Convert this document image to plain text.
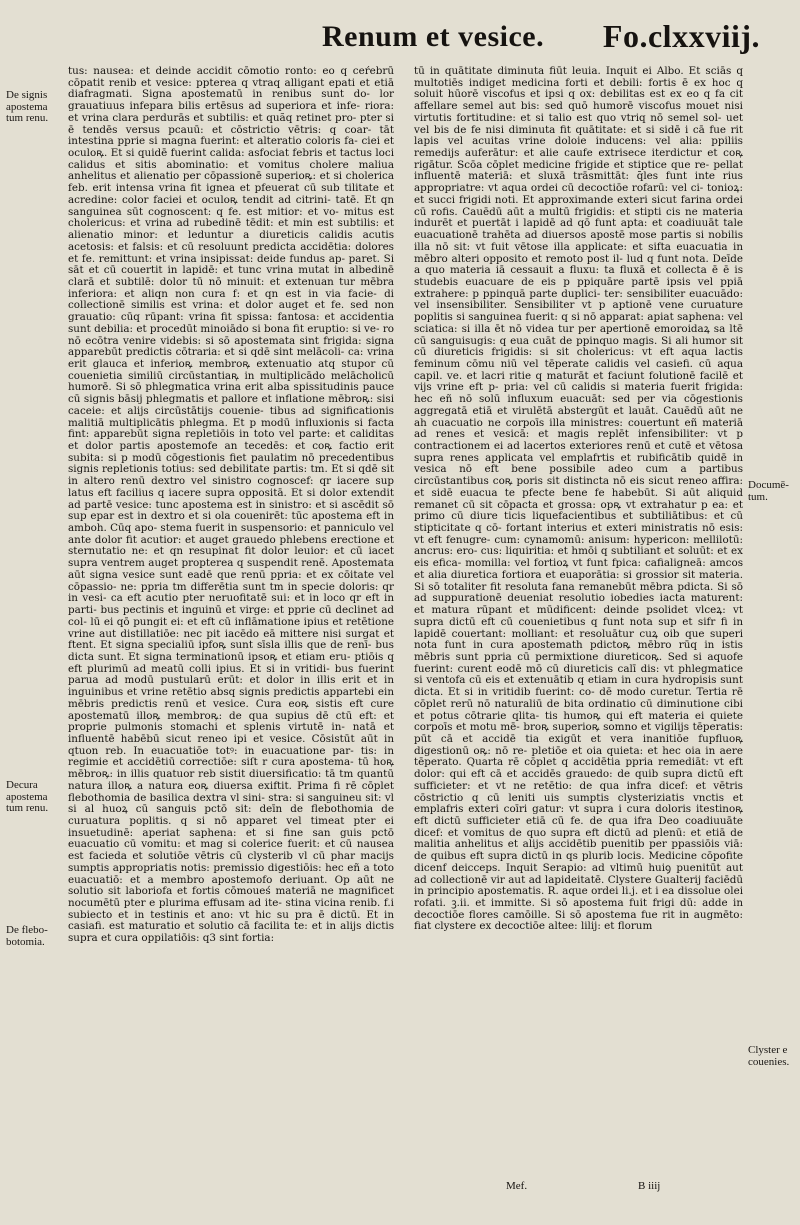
Renum et vesice. Fo.clxxviij.
De signis apostema tum renu.
Decura apostema tum renu.
De flebo- botomia.
Documē- tum.
Clyster e couenies.

tus: nausea: et deinde accidit cōmotio ronto: eo q ceŕebrū cōpatit renib et vesice: ppterea q vtraq alligant epati et etiā diafragmati. Signa apostematū in renibus sunt do- lor grauatiuus infepara bilis ertēsus ad superiora et infe- riora: et vrina clara perdurās et subtilis: et quãq retinet pro- pter si ē tendēs versus pcauū: et cōstrictio vētris: q coar- tāt intestina pprie si magna fuerint: et alteratio coloris fa- ciei et oculoꝶ. Et si quidē fuerint calida: asfociat febris et tactus loci calidus et sitis abominatio: et vomitus cholere maliua anhelitus et alienatio per cōpassionē superioꝶ: et si cholerica feb. erit intensa vrina fit ignea et pfeuerat cū sub tilitate et acredine: color faciei et oculoꝶ tendit ad citrini- tatē. Et qn sanguinea sūt cognoscent: q fe. est mitior: et vo- mitus est cholericus: et vrina ad rubedinē tēdit: et min est subtilis: et alienatio minor: et leduntur a diureticis calidis acutis acetosis: et falsis: et cū resoluunt predicta accidētia: dolores et fe. remittunt: et vrina insipissat: deide fundus ap- paret. Si sāt et cū couertit in lapidē: et tunc vrina mutat in albedinē clarā et subtilē: dolor tū nō minuit: et extenuan tur mēbra inferiora: et aliqn non cura f: et qn est in via facie- di collectionē similis est vrina: et dolor auget et fe. sed non grauatio: cūq rūpant: vrina fit spissa: fantosa: et accidentia sunt debilia: et procedūt minoiādo si bona fit eruptio: si ve- ro nō ecōtra venire videbis: si sō apostemata sint frigida: signa apparebūt predictis cōtraria: et si qdē sint melācoli- ca: vrina erit glauca et inferioꝶ membroꝶ extenuatio atq stupor cū couenietia similiū circūstantiaꝶ in multiplicādo melācholicū humorē. Si sō phlegmatica vrina erit alba spissitudinis pauce cū signis bāsij phlegmatis et pallore et inflatione mēbroꝶ: sisi caceie: et alijs circūstātijs couenie- tibus ad significationis malitiā multiplicātis phlegma. Et p modū influxionis si facta fint: apparebūt signa repletiōis in toto vel parte: et caliditas et dolor partis apostemofe an tecedēs: et coꝶ factio erit subita: si p modū cōgestionis fiet paulatim nō precedentibus signis repletionis totius: sed debilitate partis: tm. Et si qdē sit in altero renū dextro vel sinistro cognoscef: qr iacere sup latus eft facilius q iacere supra oppositā. Et si dolor extendit ad partē vesice: tunc apostema est in sinistro: et si ascēdit sō sup epar est in dextro et si ola couenirēt: tūc apostema eft in amboh. Cūq apo- stema fuerit in suspensorio: et panniculo vel ante dolor fit acutior: et auget grauedo phlebens erectione et sternutatio ne: et qn resupinat fit dolor leuior: et cū iacet supra ventrem auget propterea q suspendit renē. Apostemata aūt signa vesice sunt eadē que renū ppria: et ex cōitate vel cōpassio- ne: ppria tm differētia sunt tm in specie doloris: qr in vesi- ca eft acutio pter neruofitatē sui: et in loco qr eft in parti- bus pectinis et inguinū et virge: et pprie cū declinet ad col- lū ei qō pungit ei: et eft cū inflāmatione ipius et retētione vrine aut distillatiōe: nec pit iacēdo eā mittere nisi surgat et ftent. Et signa specialiū ipfoꝶ sunt sīsla illis que de renī- bus dicta sunt. Et signa terminationū ipsoꝶ et etiam eru- ptiōis q eft plurimū ad meatū colli ipius. Et si in vritidi- bus fuerint parua ad modū pustularū erūt: et dolor in illis erit et in inguinibus et vrine retētio absq signis predictis appartebi ein mēbris predictis renū et vesice. Cura eoꝶ sistis eft cure apostematū illoꝶ membroꝶ: de qua supius dē ctū eft: et proprie pulmonis stomachi et splenis virtutē in- natā et influentē habēbū sicut reneo ipi et vesice. Cōsistūt aūt in qtuon reb. In euacuatiōe totꝰ: in euacuatione par- tis: in regimie et accidētiū correctiōe: siſt r cura apostema- tū hoꝶ mēbroꝶ: in illis quatuor reb sistit diuersificatio: tā tm quantū natura illoꝶ a natura eoꝶ diuersa exiftit. Prima fi rē cōplet flebothomia de basilica dextra vl sini- stra: si sanguineu sit: vl si al huoꝝ cū sanguis pctō sit: deīn de flebothomia de curuatura poplitis. q si nō apparet vel timeat pter ei insuetudinē: aperiat saphena: et si fine san guis pctō euacuatio cū vomitu: et mag si colerice fuerit: et cū nausea est facieda et solutiōe vētris cū clysterib vl cū phar macijs sumptis appropriatis notis: premissio digestiōis: hec eñ a toto euacuatiō: et a membro apostemofo deriuant. Op aūt ne solutio sit laboriofa et fortis cōmoueś materiā ne magnificet nocumētū pter e plurima effusam ad ite- stina vicina renib. f.i subiecto et in testinis et ano: vt hic su pra ē dictū. Et in casiafi. est maturatio et solutio cā facilita te: et in alijs dictis supra et cura oppilatiōis: q3 sint fortia:

tū in quātitate diminuta fiūt leuia. Inquit ei Albo. Et sciās q multotiēs indiget medicina forti et debili: fortis ē ex hoc q soluit hūorē viscofus et ipsi q ox: debilitas est ex eo q fa cit affellare semel aut bis: sed quō humorē viscofus mouet nisi virtutis fortitudine: et si talio est quo vtriq nō semel sol- uet vel bis de fe nisi diminuta fit quātitate: et si sidē i cā fue rit lapis vel acuitas vrine doloie inducens: vel alia: ppiliis remedijs auferātur: et alie caufe extrisece iterdictur et coꝶ rigātur. Scōa cōplet medicine frigide et stiptice que re- pellat influentē materiā: et sluxā trāsmittāt: q̄les funt inte rius appropriatre: vt aqua ordei cū decoctiōe rofarū: vel ci- tonioꝝ: et succi frigidi noti. Et approximande exteri sicut farina ordei cū rofis. Cauēdū aūt a multū frigidis: et stipti cis ne materia indurēt et puertāt i lapidē ad qō funt apta: et coadiuuāt tale euacuationē trahēta ad diuersos apostē mose partis si nobilis illa nō sit: vt fuit vētose illa applicate: et sifta euacuatia in mēbro alteri opposito et remoto post il- lud q funt nota. Deīde a quo materia iā cessauit a fluxu: ta fluxā et collecta ē ē is studebis euacuare de eis p ppiquāre partē ipsis vel ppiā extrahere: p ppinquā parte duplici- ter: sensibiliter euacuādo: vel insensibiliter. Sensibiliter vt p aptionē vene curuature poplitis si sanguinea fuerit: q si nō apparat: apiat saphena: vel sciatica: si illa ēt nō videa tur per apertionē emoroidaꝝ sa ltē cū sanguisugis: q eua cuāt de ppinquo magis. Si ali humor sit cū diureticis frigidis: si sit cholericus: vt eft aqua lactis feminum cōmu niū vel tēperate calidis vel casiefi. cū aqua capil. ve. et lacri ritie q maturāt et faciunt folutionē facilē et vijs vrine eft p- pria: vel cū calidis si materia fuerit frigida: hec eñ nō solū influxum euacuāt: sed per via cōgestionis aggregatā etiā et virulētā abstergūt et lauāt. Cauēdū aūt ne ah cuacuatio ne corpoīs illa ministres: couertunt eñ materiā ad renes et vesicā: et magis replēt infensibiliter: vt p contractionem ei ad lacertos exteriores renū et cutē et vētosa supra renes applicata vel emplafrtis et rubificātib quidē in vesica nō eft bene possibile adeo cum a partibus circūstantibus coꝶ poris sit distincta nō eis sicut reneo affira: et sidē euacua te pfecte bene fe habebūt. Si aūt aliquid remanet cū sit cōpacta et grossa: opꝶ vt extrahatur p ea: et primo cū diure ticis liquefacientibus et subtiliātibus: et cū stipticitate q cō- fortant interius et exteri ministratis nō esis: vt eft fenugre- cum: cynamomū: anisum: hypericon: mellilotū: ancrus: ero- cus: liquiritia: et hmōi q subtiliant et soluūt: et ex eis efica- momilla: vel fortioꝝ vt funt fpica: cafialigneā: amcos et alia diuretica fortiora et euaporātia: si grossior sit materia. Si sō totaliter fit resoluta fana remanebūt mēbra pdicta. Si sō ad suppurationē deueniat resolutio iobedies iacta maturent: et matura rūpant et mūdificent: deinde psolidet vlceꝝ: vt supra dictū eft cū couenietibus q funt nota sup et sifr fi in lapidē couertant: molliant: et resoluātur cuꝝ oib que superi nota funt in cura apostemath pdictoꝶ mēbro rūq in istis mēbris sunt ppria cū permixtione diureticoꝶ. Sed si aquofe fuerint: curent eodē mō cū diureticis calī dis: vt phlegmatice si ventofa cū eis et extenuātib q etiam in cura hydropisis sunt dicta. Et si in vritidib fuerint: co- dē modo curetur. Tertia rē cōplet rerū nō naturaliū de bita ordinatio cū diminutione cibi et potus cōtrarie qlita- tis humoꝶ qui eft materia ei quiete corpoīs et motu mē- broꝶ superioꝶ somno et vigilijs tēperatis: pūt cā et accidē tia exigūt et vera inanitiōe fupfluoꝶ digestionū oꝶ: nō re- pletiōe et oia quieta: et hec oia in aere tēperato. Quarta rē cōplet q accidētia ppria remediāt: vt eft dolor: qui eft cā et accidēs grauedo: de quib supra dictū eft sufficieter: et vt ne retētio: de qua infra dicef: et vētris cōstrictio q cū leniti uis sumptis clysteriziatis vnctis et emplafris exteri coīri gatur: vt supra i cura doloris itestinoꝶ eft dictū sufficieter etiā cū fe. de qua ifra Deo coadiuuāte dicef: et vomitus de quo supra eft dictū ad plenū: et etiā de malitia anhelitus et alijs accidētib puenitib per ppassiōis viā: de quibus eft supra dictū in qs plurib locis. Medicine cōpofite dicenf deicceps. Inquit Serapio: ad vltimū huiꝯ puenitūt aut ad collectionē vir aut ad lapideitatē. Clystere Gualterij faciēdū in principio apostematis. R. aque ordei li.j. et i ea dissolue olei rofati. ꝫ.ii. et immitte. Si sō apostema fuit frigi dū: adde in decoctiōe flores camōille. Si sō apostema fue rit in augmēto: fiat clystere ex decoctiōe altee: lilij: et florum

Mef.	B iiij
